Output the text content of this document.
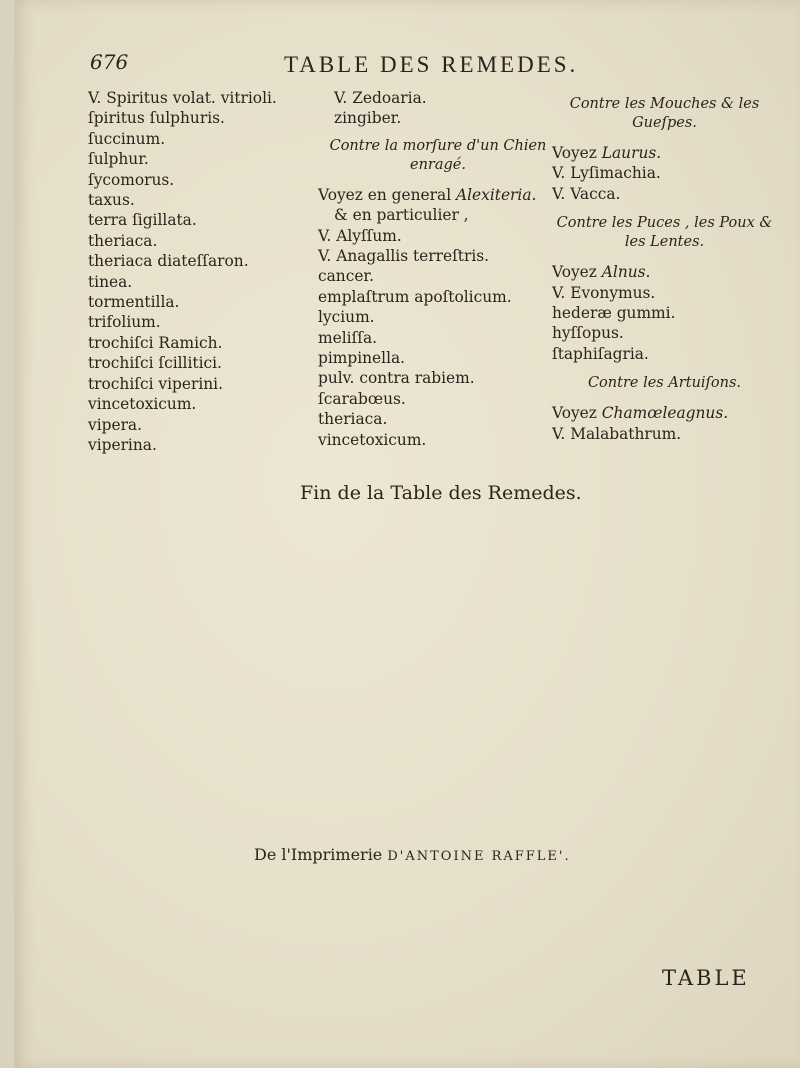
676	TABLE DES REMEDES.
V. Spiritus volat. vitrioli.
ſpiritus ſulphuris.
ſuccinum.
ſulphur.
ſycomorus.
taxus.
terra ſigillata.
theriaca.
theriaca diateſſaron.
tinea.
tormentilla.
trifolium.
trochiſci Ramich.
trochiſci ſcillitici.
trochiſci viperini.
vincetoxicum.
vipera.
viperina.
V. Zedoaria.
zingiber.
Contre la morſure d'un Chien enragé.
Voyez en general Alexiteria.
& en particulier ,
V. Alyſſum.
V. Anagallis terreſtris.
cancer.
emplaſtrum apoſtolicum.
lycium.
meliſſa.
pimpinella.
pulv. contra rabiem.
ſcarabœus.
theriaca.
vincetoxicum.
Contre les Mouches & les Gueſpes.
Voyez Laurus.
V. Lyſimachia.
V. Vacca.
Contre les Puces , les Poux & les Lentes.
Voyez Alnus.
V. Evonymus.
hederæ gummi.
hyſſopus.
ſtaphiſagria.
Contre les Artuiſons.
Voyez Chamœleagnus.
V. Malabathrum.
Fin de la Table des Remedes.
De l'Imprimerie D'ANTOINE RAFFLE'.
TABLE
